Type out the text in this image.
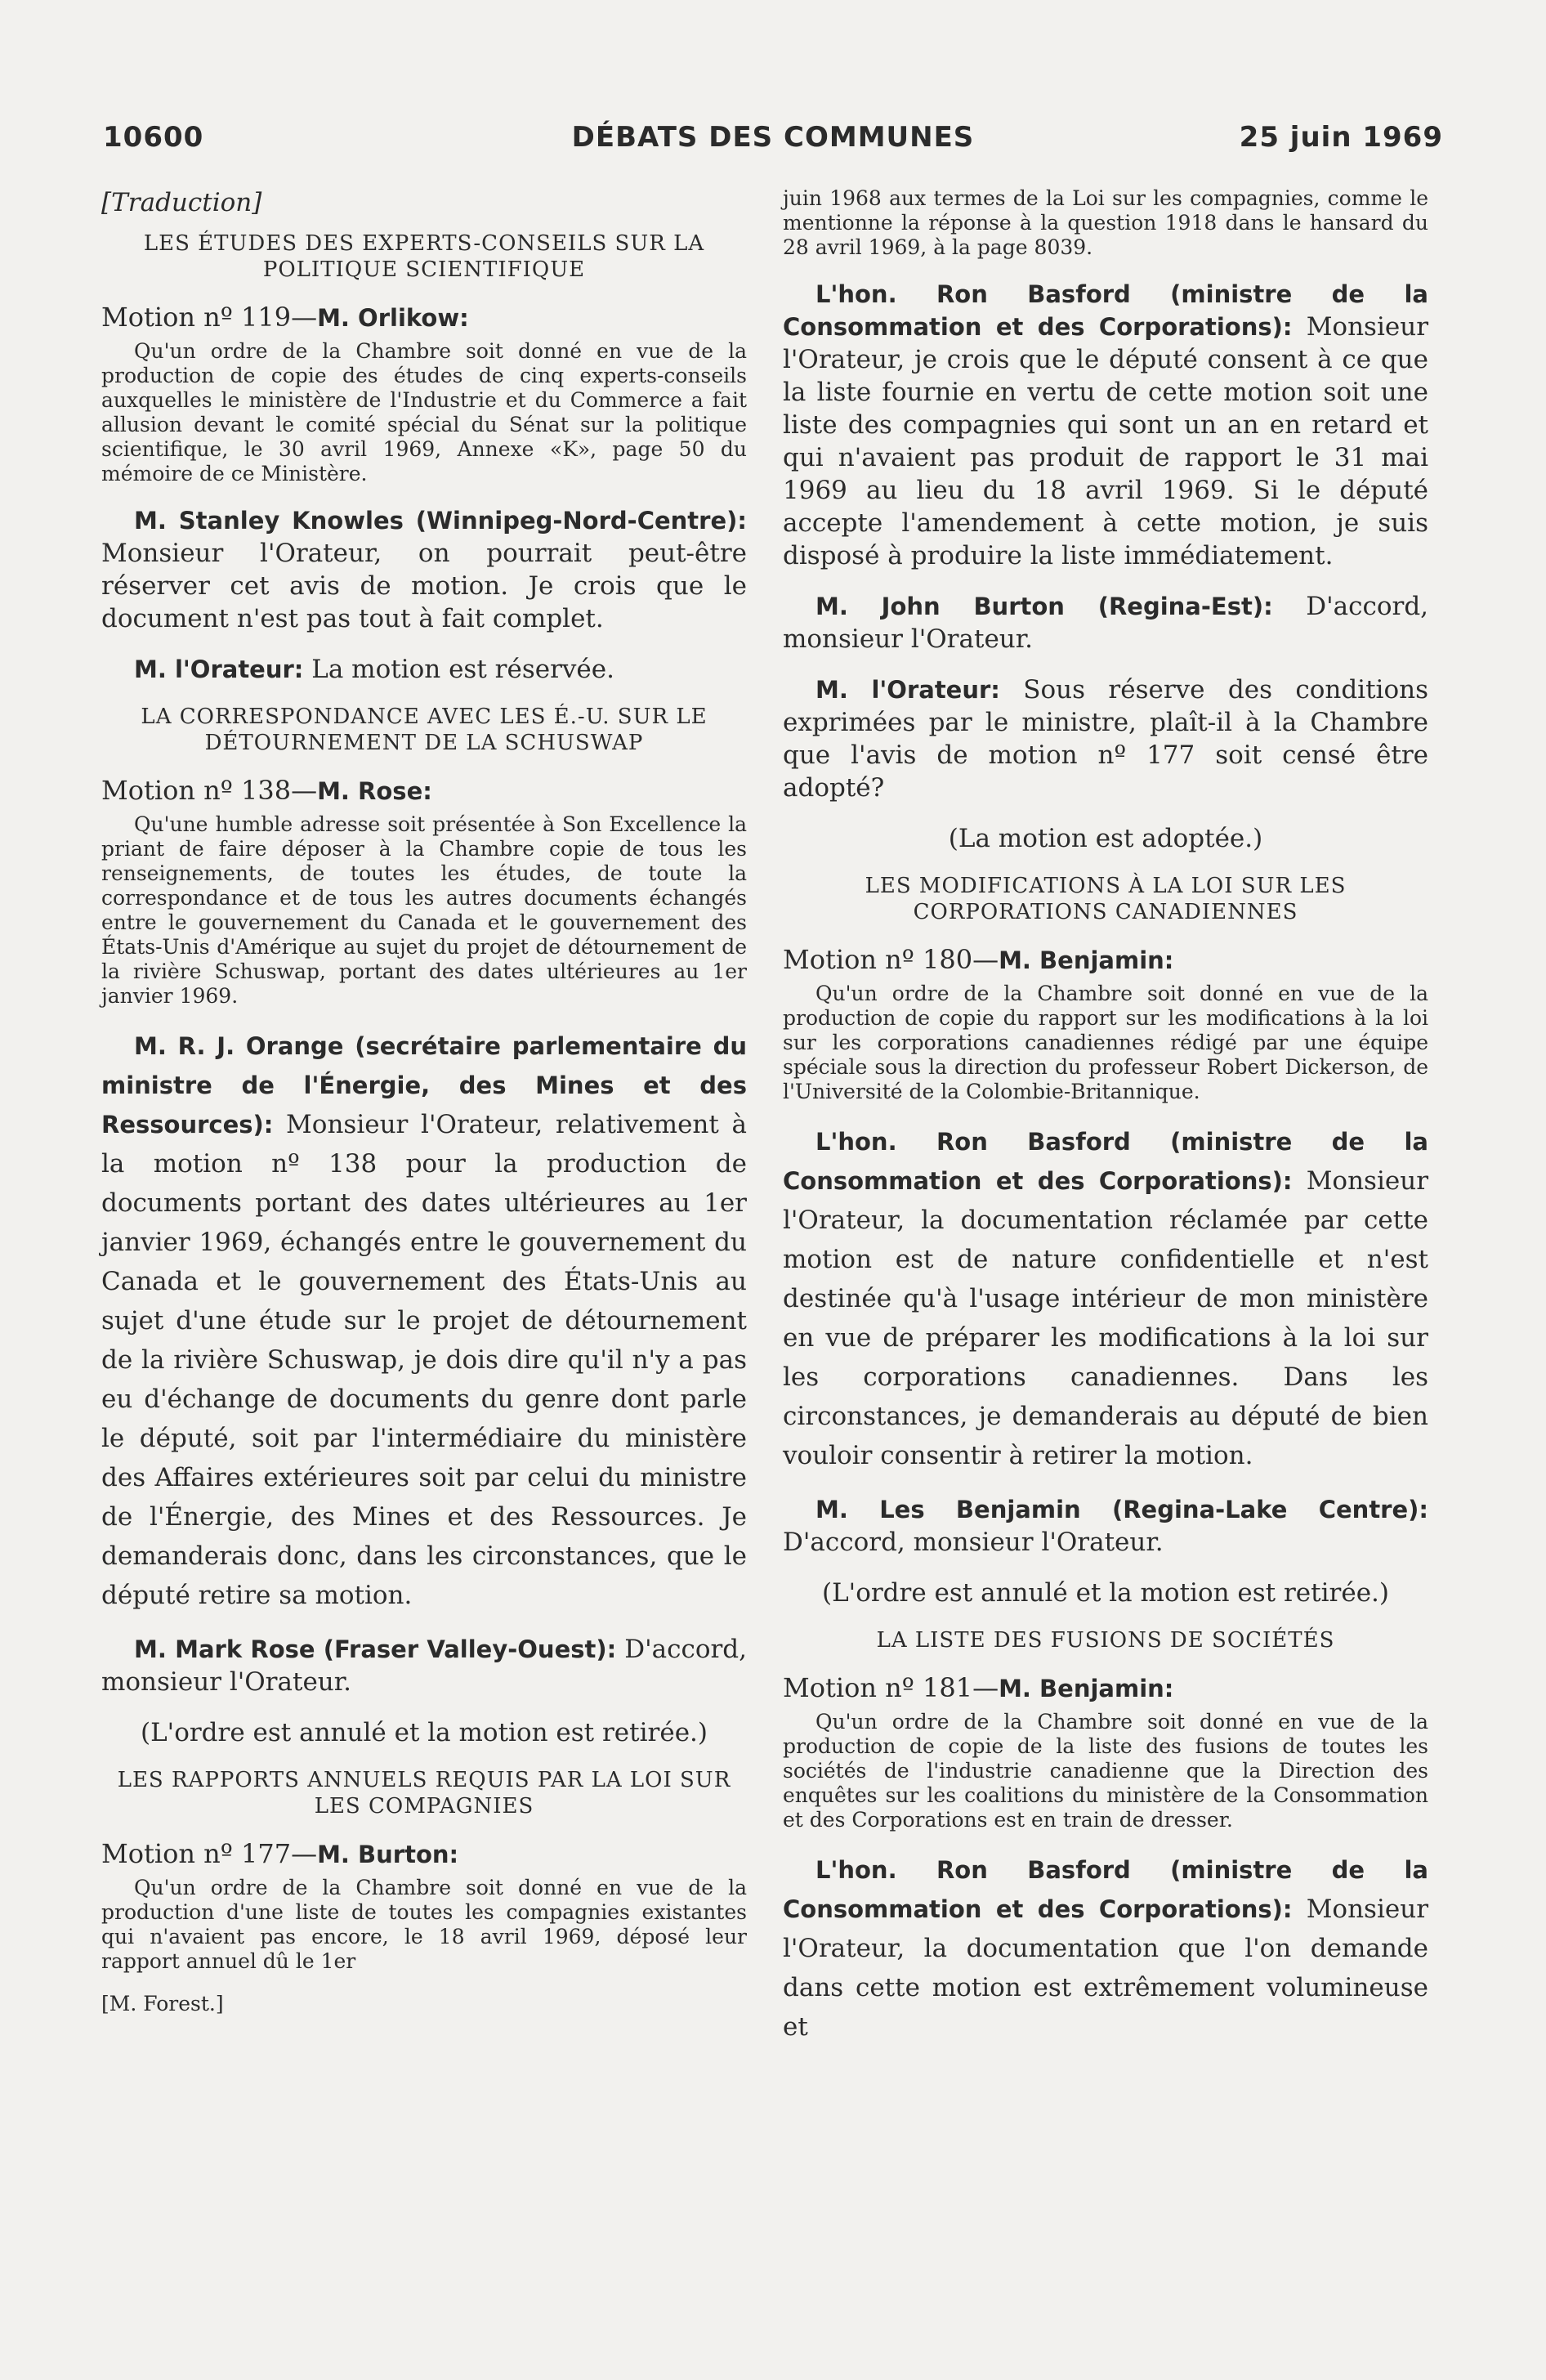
10600	DÉBATS DES COMMUNES	25 juin 1969
[Traduction]
LES ÉTUDES DES EXPERTS-CONSEILS SUR LA POLITIQUE SCIENTIFIQUE
Motion nº 119—M. Orlikow:

Qu'un ordre de la Chambre soit donné en vue de la production de copie des études de cinq experts-conseils auxquelles le ministère de l'Industrie et du Commerce a fait allusion devant le comité spécial du Sénat sur la politique scientifique, le 30 avril 1969, Annexe «K», page 50 du mémoire de ce Ministère.

M. Stanley Knowles (Winnipeg-Nord-Centre): Monsieur l'Orateur, on pourrait peut-être réserver cet avis de motion. Je crois que le document n'est pas tout à fait complet.

M. l'Orateur: La motion est réservée.

LA CORRESPONDANCE AVEC LES É.-U. SUR LE DÉTOURNEMENT DE LA SCHUSWAP
Motion nº 138—M. Rose:

Qu'une humble adresse soit présentée à Son Excellence la priant de faire déposer à la Chambre copie de tous les renseignements, de toutes les études, de toute la correspondance et de tous les autres documents échangés entre le gouvernement du Canada et le gouvernement des États-Unis d'Amérique au sujet du projet de détournement de la rivière Schuswap, portant des dates ultérieures au 1er janvier 1969.

M. R. J. Orange (secrétaire parlementaire du ministre de l'Énergie, des Mines et des Ressources): Monsieur l'Orateur, relativement à la motion nº 138 pour la production de documents portant des dates ultérieures au 1er janvier 1969, échangés entre le gouvernement du Canada et le gouvernement des États-Unis au sujet d'une étude sur le projet de détournement de la rivière Schuswap, je dois dire qu'il n'y a pas eu d'échange de documents du genre dont parle le député, soit par l'intermédiaire du ministère des Affaires extérieures soit par celui du ministre de l'Énergie, des Mines et des Ressources. Je demanderais donc, dans les circonstances, que le député retire sa motion.

M. Mark Rose (Fraser Valley-Ouest): D'accord, monsieur l'Orateur.

(L'ordre est annulé et la motion est retirée.)

LES RAPPORTS ANNUELS REQUIS PAR LA LOI SUR LES COMPAGNIES
Motion nº 177—M. Burton:

Qu'un ordre de la Chambre soit donné en vue de la production d'une liste de toutes les compagnies existantes qui n'avaient pas encore, le 18 avril 1969, déposé leur rapport annuel dû le 1er

[M. Forest.]

juin 1968 aux termes de la Loi sur les compagnies, comme le mentionne la réponse à la question 1918 dans le hansard du 28 avril 1969, à la page 8039.

L'hon. Ron Basford (ministre de la Consommation et des Corporations): Monsieur l'Orateur, je crois que le député consent à ce que la liste fournie en vertu de cette motion soit une liste des compagnies qui sont un an en retard et qui n'avaient pas produit de rapport le 31 mai 1969 au lieu du 18 avril 1969. Si le député accepte l'amendement à cette motion, je suis disposé à produire la liste immédiatement.

M. John Burton (Regina-Est): D'accord, monsieur l'Orateur.

M. l'Orateur: Sous réserve des conditions exprimées par le ministre, plaît-il à la Chambre que l'avis de motion nº 177 soit censé être adopté?

(La motion est adoptée.)

LES MODIFICATIONS À LA LOI SUR LES CORPORATIONS CANADIENNES
Motion nº 180—M. Benjamin:

Qu'un ordre de la Chambre soit donné en vue de la production de copie du rapport sur les modifications à la loi sur les corporations canadiennes rédigé par une équipe spéciale sous la direction du professeur Robert Dickerson, de l'Université de la Colombie-Britannique.

L'hon. Ron Basford (ministre de la Consommation et des Corporations): Monsieur l'Orateur, la documentation réclamée par cette motion est de nature confidentielle et n'est destinée qu'à l'usage intérieur de mon ministère en vue de préparer les modifications à la loi sur les corporations canadiennes. Dans les circonstances, je demanderais au député de bien vouloir consentir à retirer la motion.

M. Les Benjamin (Regina-Lake Centre): D'accord, monsieur l'Orateur.

(L'ordre est annulé et la motion est retirée.)

LA LISTE DES FUSIONS DE SOCIÉTÉS
Motion nº 181—M. Benjamin:

Qu'un ordre de la Chambre soit donné en vue de la production de copie de la liste des fusions de toutes les sociétés de l'industrie canadienne que la Direction des enquêtes sur les coalitions du ministère de la Consommation et des Corporations est en train de dresser.

L'hon. Ron Basford (ministre de la Consommation et des Corporations): Monsieur l'Orateur, la documentation que l'on demande dans cette motion est extrêmement volumineuse et
